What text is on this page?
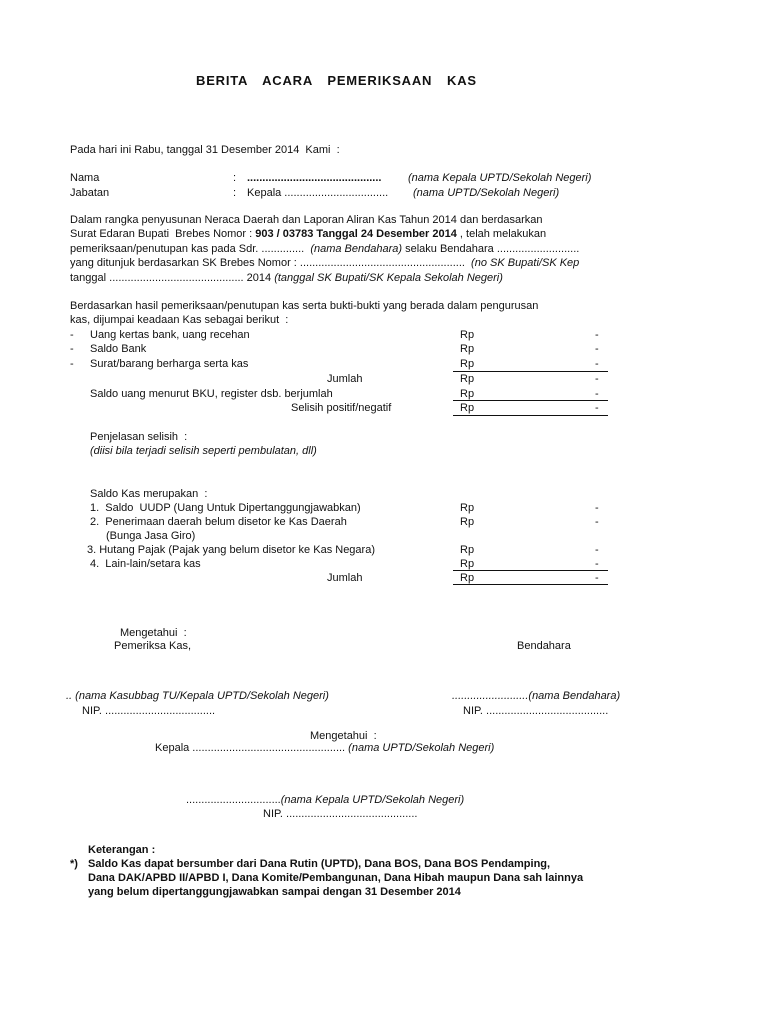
BERITA  ACARA  PEMERIKSAAN  KAS
Pada hari ini Rabu, tanggal 31 Desember 2014  Kami  :
Nama	: ............................................ (nama Kepala UPTD/Sekolah Negeri)
Jabatan	: Kepala .................................. (nama UPTD/Sekolah Negeri)
Dalam rangka penyusunan Neraca Daerah dan Laporan Aliran Kas Tahun 2014 dan berdasarkan
Surat Edaran Bupati  Brebes Nomor : 903 / 03783 Tanggal 24 Desember 2014 , telah melakukan
pemeriksaan/penutupan kas pada Sdr. ..............  (nama Bendahara) selaku Bendahara ...........................
yang ditunjuk berdasarkan SK Brebes Nomor : ......................................................  (no SK Bupati/SK Kep
tanggal ............................................ 2014 (tanggal SK Bupati/SK Kepala Sekolah Negeri)
Berdasarkan hasil pemeriksaan/penutupan kas serta bukti-bukti yang berada dalam pengurusan
kas, dijumpai keadaan Kas sebagai berikut  :
- Uang kertas bank, uang recehan	Rp	-
- Saldo Bank	Rp	-
- Surat/barang berharga serta kas	Rp	-
Jumlah	Rp	-
Saldo uang menurut BKU, register dsb. berjumlah	Rp	-
Selisih positif/negatif	Rp	-
Penjelasan selisih  :
(diisi bila terjadi selisih seperti pembulatan, dll)
Saldo Kas merupakan  :
1.  Saldo  UUDP (Uang Untuk Dipertanggungjawabkan)	Rp	-
2.  Penerimaan daerah belum disetor ke Kas Daerah	Rp	-
(Bunga Jasa Giro)
3. Hutang Pajak (Pajak yang belum disetor ke Kas Negara)	Rp	-
4.  Lain-lain/setara kas	Rp	-
Jumlah	Rp	-
Mengetahui  :
Pemeriksa Kas,	Bendahara
.. (nama Kasubbag TU/Kepala UPTD/Sekolah Negeri)	.........................(nama Bendahara)
NIP. ....................................	NIP. ........................................
Mengetahui  :
Kepala .................................................. (nama UPTD/Sekolah Negeri)
...............................(nama Kepala UPTD/Sekolah Negeri)
NIP. ...........................................
Keterangan :
*) Saldo Kas dapat bersumber dari Dana Rutin (UPTD), Dana BOS, Dana BOS Pendamping,
Dana DAK/APBD II/APBD I, Dana Komite/Pembangunan, Dana Hibah maupun Dana sah lainnya
yang belum dipertanggungjawabkan sampai dengan 31 Desember 2014
